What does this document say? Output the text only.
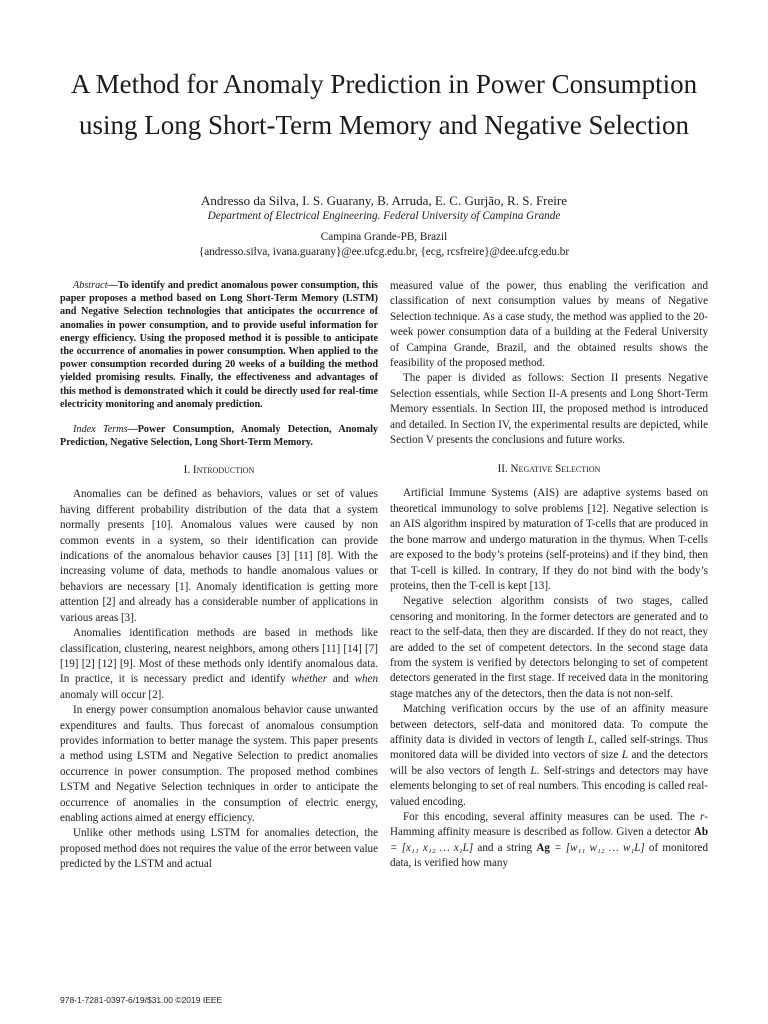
A Method for Anomaly Prediction in Power Consumption using Long Short-Term Memory and Negative Selection
Andresso da Silva, I. S. Guarany, B. Arruda, E. C. Gurjão, R. S. Freire
Department of Electrical Engineering. Federal University of Campina Grande
Campina Grande-PB, Brazil
{andresso.silva, ivana.guarany}@ee.ufcg.edu.br, {ecg, rcsfreire}@dee.ufcg.edu.br

Abstract—To identify and predict anomalous power consumption, this paper proposes a method based on Long Short-Term Memory (LSTM) and Negative Selection technologies that anticipates the occurrence of anomalies in power consumption, and to provide useful information for energy efficiency. Using the proposed method it is possible to anticipate the occurrence of anomalies in power consumption. When applied to the power consumption recorded during 20 weeks of a building the method yielded promising results. Finally, the effectiveness and advantages of this method is demonstrated which it could be directly used for real-time electricity monitoring and anomaly prediction.

Index Terms—Power Consumption, Anomaly Detection, Anomaly Prediction, Negative Selection, Long Short-Term Memory.

I. Introduction

Anomalies can be defined as behaviors, values or set of values having different probability distribution of the data that a system normally presents [10]. Anomalous values were caused by non common events in a system, so their identification can provide indications of the anomalous behavior causes [3] [11] [8]. With the increasing volume of data, methods to handle anomalous values or behaviors are necessary [1]. Anomaly identification is getting more attention [2] and already has a considerable number of applications in various areas [3].

Anomalies identification methods are based in methods like classification, clustering, nearest neighbors, among others [11] [14] [7] [19] [2] [12] [9]. Most of these methods only identify anomalous data. In practice, it is necessary predict and identify whether and when anomaly will occur [2].

In energy power consumption anomalous behavior cause unwanted expenditures and faults. Thus forecast of anomalous consumption provides information to better manage the system. This paper presents a method using LSTM and Negative Selection to predict anomalies occurrence in power consumption. The proposed method combines LSTM and Negative Selection techniques in order to anticipate the occurrence of anomalies in the consumption of electric energy, enabling actions aimed at energy efficiency.

Unlike other methods using LSTM for anomalies detection, the proposed method does not requires the value of the error between value predicted by the LSTM and actual

measured value of the power, thus enabling the verification and classification of next consumption values by means of Negative Selection technique. As a case study, the method was applied to the 20-week power consumption data of a building at the Federal University of Campina Grande, Brazil, and the obtained results shows the feasibility of the proposed method.

The paper is divided as follows: Section II presents Negative Selection essentials, while Section II-A presents and Long Short-Term Memory essentials. In Section III, the proposed method is introduced and detailed. In Section IV, the experimental results are depicted, while Section V presents the conclusions and future works.

II. Negative Selection

Artificial Immune Systems (AIS) are adaptive systems based on theoretical immunology to solve problems [12]. Negative selection is an AIS algorithm inspired by maturation of T-cells that are produced in the bone marrow and undergo maturation in the thymus. When T-cells are exposed to the body’s proteins (self-proteins) and if they bind, then that T-cell is killed. In contrary, If they do not bind with the body’s proteins, then the T-cell is kept [13].

Negative selection algorithm consists of two stages, called censoring and monitoring. In the former detectors are generated and to react to the self-data, then they are discarded. If they do not react, they are added to the set of competent detectors. In the second stage data from the system is verified by detectors belonging to set of competent detectors generated in the first stage. If received data in the monitoring stage matches any of the detectors, then the data is not non-self.

Matching verification occurs by the use of an affinity measure between detectors, self-data and monitored data. To compute the affinity data is divided in vectors of length L, called self-strings. Thus monitored data will be divided into vectors of size L and the detectors will be also vectors of length L. Self-strings and detectors may have elements belonging to set of real numbers. This encoding is called real-valued encoding.

For this encoding, several affinity measures can be used. The r-Hamming affinity measure is described as follow. Given a detector Ab = [x₁₁ x₁₂ … x₁L] and a string Ag = [w₁₁ w₁₂ … w₁L] of monitored data, is verified how many

978-1-7281-0397-6/19/$31.00 ©2019 IEEE
